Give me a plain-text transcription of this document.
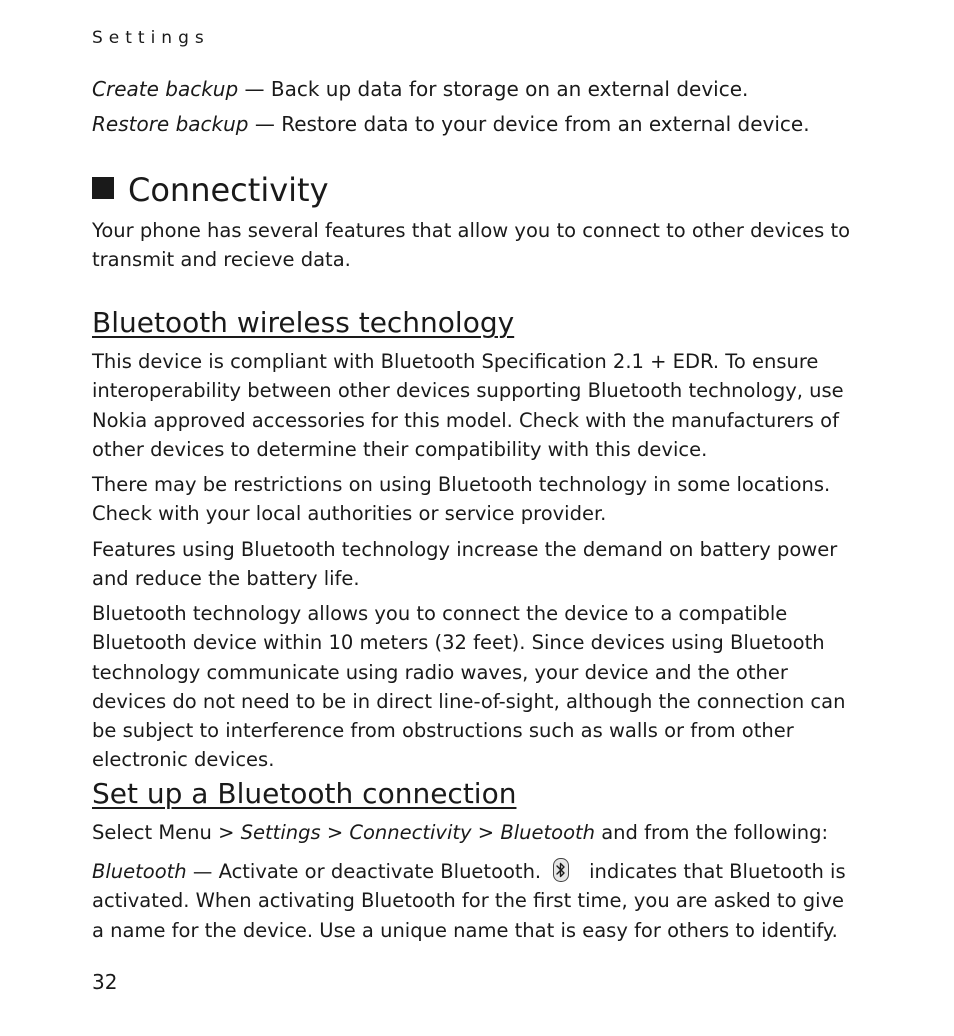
Settings
Create backup — Back up data for storage on an external device.
Restore backup — Restore data to your device from an external device.
Connectivity

Your phone has several features that allow you to connect to other devices to transmit and recieve data.

Bluetooth wireless technology

This device is compliant with Bluetooth Specification 2.1 + EDR. To ensure interoperability between other devices supporting Bluetooth technology, use Nokia approved accessories for this model. Check with the manufacturers of other devices to determine their compatibility with this device.

There may be restrictions on using Bluetooth technology in some locations. Check with your local authorities or service provider.

Features using Bluetooth technology increase the demand on battery power and reduce the battery life.

Bluetooth technology allows you to connect the device to a compatible Bluetooth device within 10 meters (32 feet). Since devices using Bluetooth technology communicate using radio waves, your device and the other devices do not need to be in direct line-of-sight, although the connection can be subject to interference from obstructions such as walls or from other electronic devices.

Set up a Bluetooth connection

Select Menu > Settings > Connectivity > Bluetooth and from the following:

Bluetooth — Activate or deactivate Bluetooth. indicates that Bluetooth is activated. When activating Bluetooth for the first time, you are asked to give a name for the device. Use a unique name that is easy for others to identify.

32
